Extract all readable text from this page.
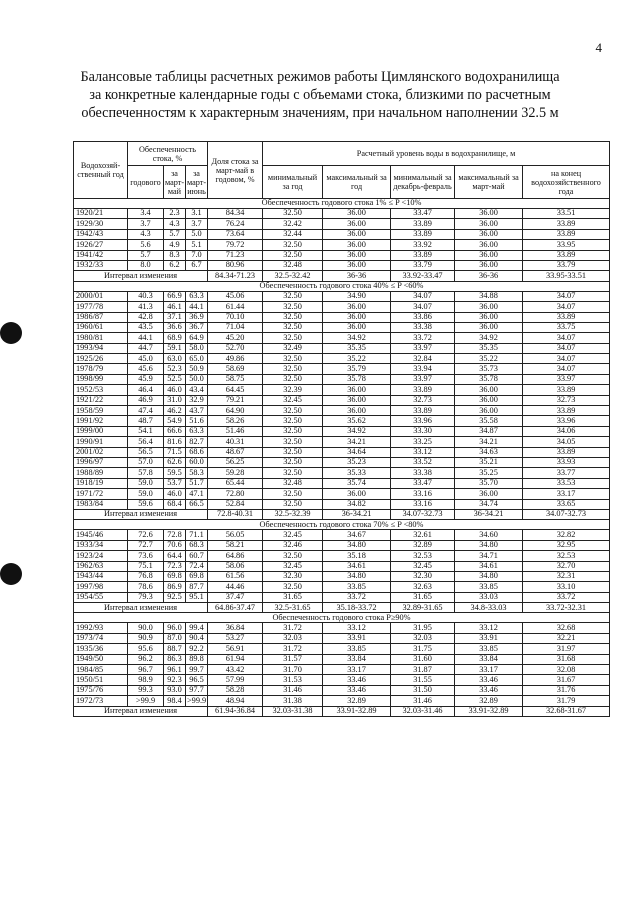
4
Балансовые таблицы расчетных режимов работы Цимлянского водохранилища
за конкретные календарные годы с объемами стока, близкими по расчетным
обеспеченностям к характерным значениям, при начальном наполнении 32.5 м
Водохозяй-ственный год	Обеспеченность стока, %			Доля стока за март-май в годовом, %	Расчетный уровень воды в водохранилище, м				
	годового	за март-май	за март-июнь		минимальный за год	максимальный за год	минимальный за декабрь-февраль	максимальный за март-май	на конец водохозяйственного года
Обеспеченность годового стока 1% ≤ P <10%									
1920/21	3.4	2.3	3.1	84.34	32.50	36.00	33.47	36.00	33.51
1929/30	3.7	4.3	3.7	76.24	32.42	36.00	33.89	36.00	33.89
1942/43	4.3	5.7	5.0	73.64	32.44	36.00	33.89	36.00	33.89
1926/27	5.6	4.9	5.1	79.72	32.50	36.00	33.92	36.00	33.95
1941/42	5.7	8.3	7.0	71.23	32.50	36.00	33.89	36.00	33.89
1932/33	8.0	6.2	6.7	80.96	32.48	36.00	33.79	36.00	33.79
Интервал изменения				84.34-71.23	32.5-32.42	36-36	33.92-33.47	36-36	33.95-33.51
Обеспеченность годового стока 40% ≤ P <60%									
2000/01	40.3	66.9	63.3	45.06	32.50	34.90	34.07	34.88	34.07
1977/78	41.3	46.1	44.1	61.44	32.50	36.00	34.07	36.00	34.07
1986/87	42.8	37.1	36.9	70.10	32.50	36.00	33.86	36.00	33.89
1960/61	43.5	36.6	36.7	71.04	32.50	36.00	33.38	36.00	33.75
1980/81	44.1	68.9	64.9	45.20	32.50	34.92	33.72	34.92	34.07
1993/94	44.7	59.1	58.0	52.70	32.49	35.35	33.97	35.35	34.07
1925/26	45.0	63.0	65.0	49.86	32.50	35.22	32.84	35.22	34.07
1978/79	45.6	52.3	50.9	58.69	32.50	35.79	33.94	35.73	34.07
1998/99	45.9	52.5	50.0	58.75	32.50	35.78	33.97	35.78	33.97
1952/53	46.4	46.0	43.4	64.45	32.39	36.00	33.89	36.00	33.89
1921/22	46.9	31.0	32.9	79.21	32.45	36.00	32.73	36.00	32.73
1958/59	47.4	46.2	43.7	64.90	32.50	36.00	33.89	36.00	33.89
1991/92	48.7	54.9	51.6	58.26	32.50	35.62	33.96	35.58	33.96
1999/00	54.1	66.6	63.3	51.46	32.50	34.92	33.30	34.87	34.06
1990/91	56.4	81.6	82.7	40.31	32.50	34.21	33.25	34.21	34.05
2001/02	56.5	71.5	68.6	48.67	32.50	34.64	33.12	34.63	33.89
1996/97	57.0	62.6	60.0	56.25	32.50	35.23	33.52	35.21	33.93
1988/89	57.8	59.5	58.3	59.28	32.50	35.33	33.38	35.25	33.77
1918/19	59.0	53.7	51.7	65.44	32.48	35.74	33.47	35.70	33.53
1971/72	59.0	46.0	47.1	72.80	32.50	36.00	33.16	36.00	33.17
1983/84	59.6	68.4	66.5	52.84	32.50	34.82	33.16	34.74	33.65
Интервал изменения				72.8-40.31	32.5-32.39	36-34.21	34.07-32.73	36-34.21	34.07-32.73
Обеспеченность годового стока 70% ≤ P <80%									
1945/46	72.6	72.8	71.1	56.05	32.45	34.67	32.61	34.60	32.82
1933/34	72.7	70.6	68.3	58.21	32.46	34.80	32.89	34.80	32.95
1923/24	73.6	64.4	60.7	64.86	32.50	35.18	32.53	34.71	32.53
1962/63	75.1	72.3	72.4	58.06	32.45	34.61	32.45	34.61	32.70
1943/44	76.8	69.8	69.8	61.56	32.30	34.80	32.30	34.80	32.31
1997/98	78.6	86.9	87.7	44.46	32.50	33.85	32.63	33.85	33.10
1954/55	79.3	92.5	95.1	37.47	31.65	33.72	31.65	33.03	33.72
Интервал изменения				64.86-37.47	32.5-31.65	35.18-33.72	32.89-31.65	34.8-33.03	33.72-32.31
Обеспеченность годового стока P≥90%									
1992/93	90.0	96.0	99.4	36.84	31.72	33.12	31.95	33.12	32.68
1973/74	90.9	87.0	90.4	53.27	32.03	33.91	32.03	33.91	32.21
1935/36	95.6	88.7	92.2	56.91	31.72	33.85	31.75	33.85	31.97
1949/50	96.2	86.3	89.8	61.94	31.57	33.84	31.60	33.84	31.68
1984/85	96.7	96.1	99.7	43.42	31.70	33.17	31.87	33.17	32.08
1950/51	98.9	92.3	96.5	57.99	31.53	33.46	31.55	33.46	31.67
1975/76	99.3	93.0	97.7	58.28	31.46	33.46	31.50	33.46	31.76
1972/73	>99.9	98.4	>99.9	48.94	31.38	32.89	31.46	32.89	31.79
Интервал изменения				61.94-36.84	32.03-31.38	33.91-32.89	32.03-31.46	33.91-32.89	32.68-31.67
